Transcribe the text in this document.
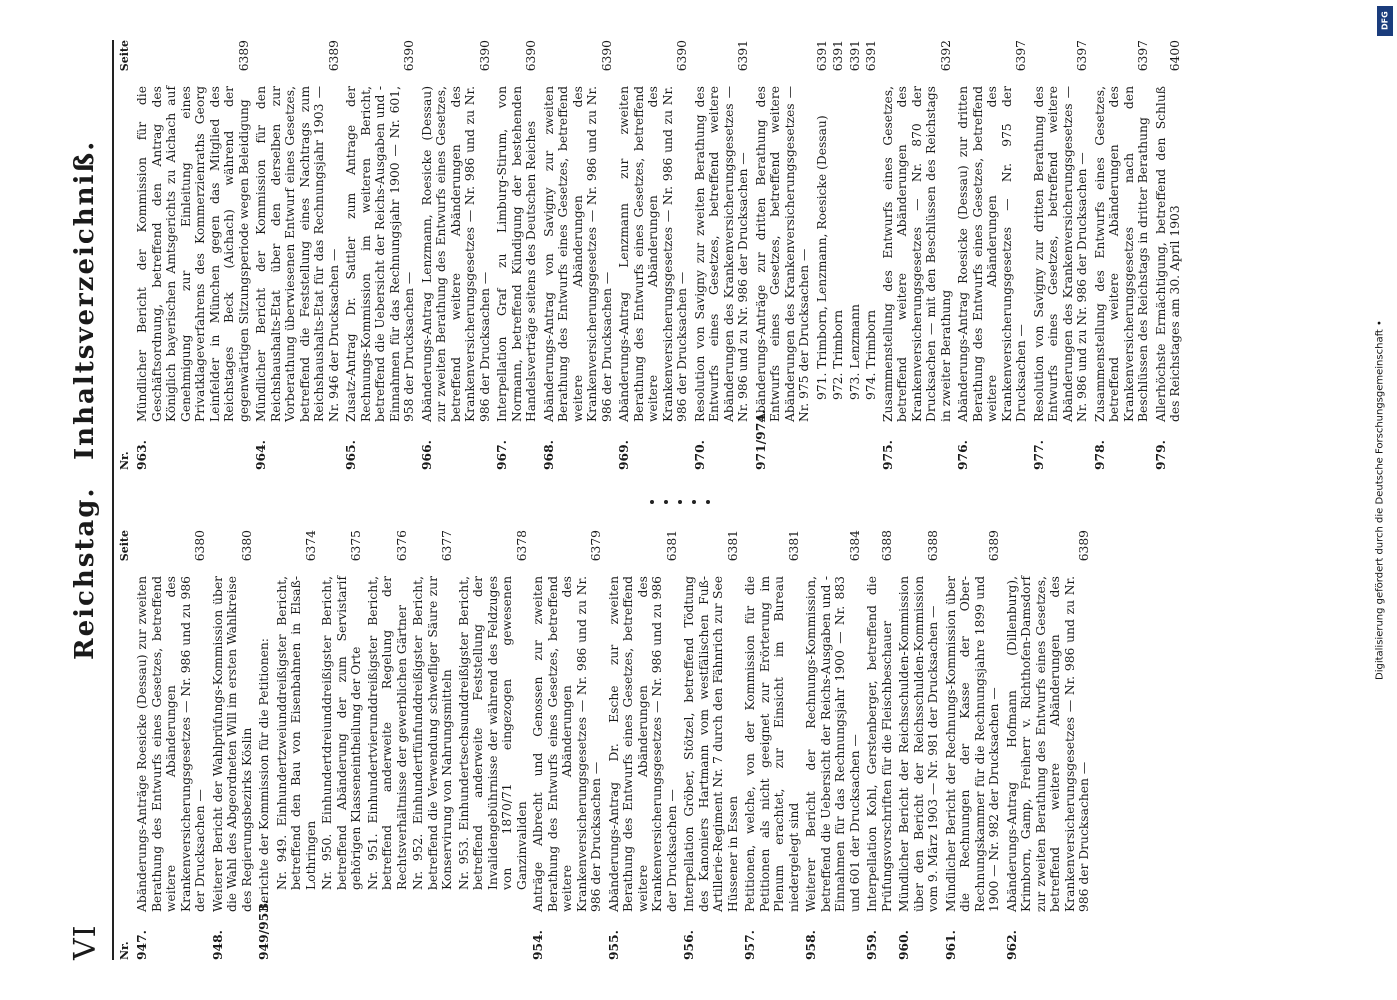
VI
Reichstag.
Inhaltsverzeichniß.
Nr.
Seite
947.
Abänderungs-Anträge Roesicke (Dessau) zur zweiten Berathung des Entwurfs eines Gesetzes, betreffend weitere Abänderungen des Krankenversicherungsgesetzes — Nr. 986 und zu 986 der Drucksachen —
6380
948.
Weiterer Bericht der Wahlprüfungs-Kommission über die Wahl des Abgeordneten Will im ersten Wahlkreise des Regierungsbezirks Köslin
6380
949/953.
Berichte der Kommission für die Petitionen: Nr. 949. Einhundertzweiunddreißigster Bericht, betreffend den Bau von Eisenbahnen in Elsaß-Lothringen
6374
Nr. 950. Einhundertdreiunddreißigster Bericht, betreffend Abänderung der zum Servistarif gehörigen Klasseneintheilung der Orte
6375
Nr. 951. Einhundertvierunddreißigster Bericht, betreffend anderweite Regelung der Rechtsverhältnisse der gewerblichen Gärtner
6376
Nr. 952. Einhundertfünfunddreißigster Bericht, betreffend die Verwendung schwefliger Säure zur Konservirung von Nahrungsmitteln
6377
Nr. 953. Einhundertsechsunddreißigster Bericht, betreffend anderweite Feststellung der Invalidengebührnisse der während des Feldzuges von 1870/71 eingezogen gewesenen Ganzinvaliden
6378
954.
Anträge Albrecht und Genossen zur zweiten Berathung des Entwurfs eines Gesetzes, betreffend weitere Abänderungen des Krankenversicherungsgesetzes — Nr. 986 und zu Nr. 986 der Drucksachen —
6379
955.
Abänderungs-Antrag Dr. Esche zur zweiten Berathung des Entwurfs eines Gesetzes, betreffend weitere Abänderungen des Krankenversicherungsgesetzes — Nr. 986 und zu 986 der Drucksachen —
6381
956.
Interpellation Gröber, Stötzel, betreffend Tödtung des Kanoniers Hartmann vom westfälischen Fuß-Artillerie-Regiment Nr. 7 durch den Fähnrich zur See Hüssener in Essen
6381
957.
Petitionen, welche, von der Kommission für die Petitionen als nicht geeignet zur Erörterung im Plenum erachtet, zur Einsicht im Bureau niedergelegt sind
6381
958.
Weiterer Bericht der Rechnungs-Kommission, betreffend die Uebersicht der Reichs-Ausgaben und -Einnahmen für das Rechnungsjahr 1900 — Nr. 883 und 601 der Drucksachen —
6384
959.
Interpellation Kohl, Gerstenberger, betreffend die Prüfungsvorschriften für die Fleischbeschauer
6388
960.
Mündlicher Bericht der Reichsschulden-Kommission über den Bericht der Reichsschulden-Kommission vom 9. März 1903 — Nr. 981 der Drucksachen —
6388
961.
Mündlicher Bericht der Rechnungs-Kommission über die Rechnungen der Kasse der Ober-Rechnungskammer für die Rechnungsjahre 1899 und 1900 — Nr. 982 der Drucksachen —
6389
962.
Abänderungs-Antrag Hofmann (Dillenburg), Krimborn, Gamp, Freiherr v. Richthofen-Damsdorf zur zweiten Berathung des Entwurfs eines Gesetzes, betreffend weitere Abänderungen des Krankenversicherungsgesetzes — Nr. 986 und zu Nr. 986 der Drucksachen —
6389
Nr.
Seite
963.
Mündlicher Bericht der Kommission für die Geschäftsordnung, betreffend den Antrag des Königlich bayerischen Amtsgerichts zu Aichach auf Genehmigung zur Einleitung eines Privatklageverfahrens des Kommerzienraths Georg Leinfelder in München gegen das Mitglied des Reichstages Beck (Aichach) während der gegenwärtigen Sitzungsperiode wegen Beleidigung
6389
964.
Mündlicher Bericht der Kommission für den Reichshaushalts-Etat über den derselben zur Vorberathung überwiesenen Entwurf eines Gesetzes, betreffend die Feststellung eines Nachtrags zum Reichshaushalts-Etat für das Rechnungsjahr 1903 — Nr. 946 der Drucksachen —
6389
965.
Zusatz-Antrag Dr. Sattler zum Antrage der Rechnungs-Kommission im weiteren Bericht, betreffend die Uebersicht der Reichs-Ausgaben und -Einnahmen für das Rechnungsjahr 1900 — Nr. 601, 958 der Drucksachen —
6390
966.
Abänderungs-Antrag Lenzmann, Roesicke (Dessau) zur zweiten Berathung des Entwurfs eines Gesetzes, betreffend weitere Abänderungen des Krankenversicherungsgesetzes — Nr. 986 und zu Nr. 986 der Drucksachen —
6390
967.
Interpellation Graf zu Limburg-Stirum, von Normann, betreffend Kündigung der bestehenden Handelsverträge seitens des Deutschen Reiches
6390
968.
Abänderungs-Antrag von Savigny zur zweiten Berathung des Entwurfs eines Gesetzes, betreffend weitere Abänderungen des Krankenversicherungsgesetzes — Nr. 986 und zu Nr. 986 der Drucksachen —
6390
969.
Abänderungs-Antrag Lenzmann zur zweiten Berathung des Entwurfs eines Gesetzes, betreffend weitere Abänderungen des Krankenversicherungsgesetzes — Nr. 986 und zu Nr. 986 der Drucksachen —
6390
970.
Resolution von Savigny zur zweiten Berathung des Entwurfs eines Gesetzes, betreffend weitere Abänderungen des Krankenversicherungsgesetzes — Nr. 986 und zu Nr. 986 der Drucksachen —
6391
971/974.
Abänderungs-Anträge zur dritten Berathung des Entwurfs eines Gesetzes, betreffend weitere Abänderungen des Krankenversicherungsgesetzes — Nr. 975 der Drucksachen — 971. Trimborn, Lenzmann, Roesicke (Dessau)
6391
972. Trimborn
6391
973. Lenzmann
6391
974. Trimborn
6391
975.
Zusammenstellung des Entwurfs eines Gesetzes, betreffend weitere Abänderungen des Krankenversicherungsgesetzes — Nr. 870 der Drucksachen — mit den Beschlüssen des Reichstags in zweiter Berathung
6392
976.
Abänderungs-Antrag Roesicke (Dessau) zur dritten Berathung des Entwurfs eines Gesetzes, betreffend weitere Abänderungen des Krankenversicherungsgesetzes — Nr. 975 der Drucksachen —
6397
977.
Resolution von Savigny zur dritten Berathung des Entwurfs eines Gesetzes, betreffend weitere Abänderungen des Krankenversicherungsgesetzes — Nr. 986 und zu Nr. 986 der Drucksachen —
6397
978.
Zusammenstellung des Entwurfs eines Gesetzes, betreffend weitere Abänderungen des Krankenversicherungsgesetzes nach den Beschlüssen des Reichstags in dritter Berathung
6397
979.
Allerhöchste Ermächtigung, betreffend den Schluß des Reichstages am 30. April 1903
6400
Digitalisierung gefördert durch die Deutsche Forschungsgemeinschaft •
DFG
